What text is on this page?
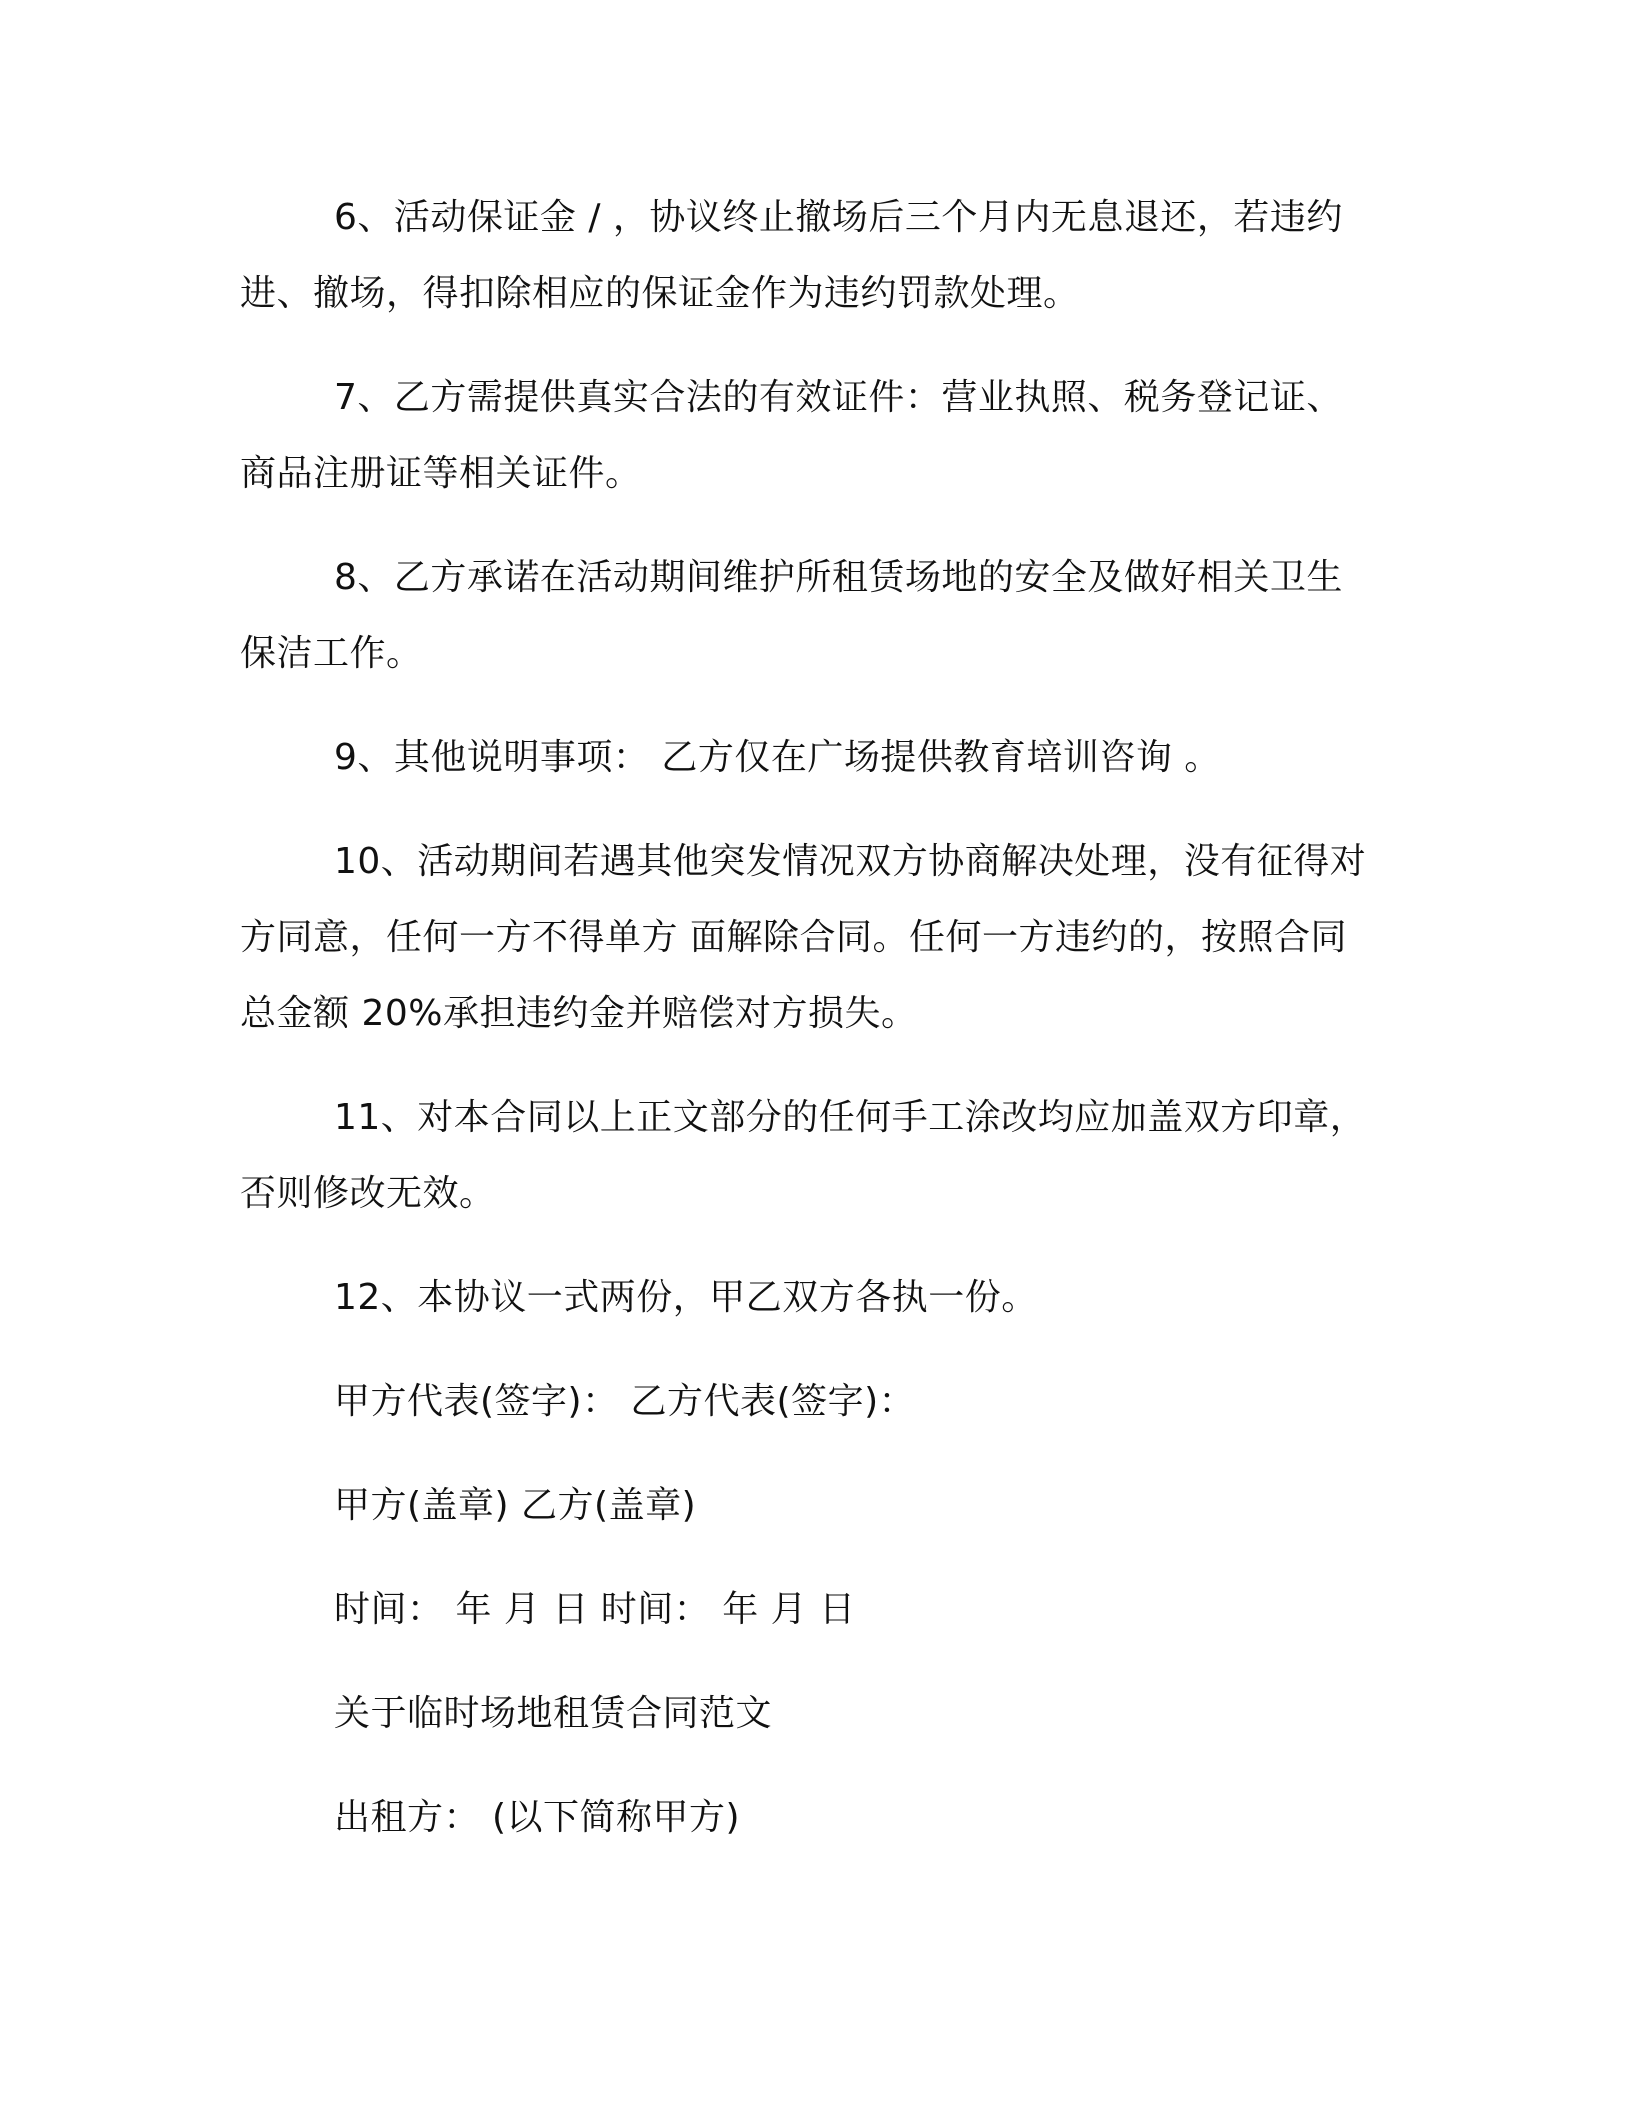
6、活动保证金 / ，协议终止撤场后三个月内无息退还，若违约
进、撤场，得扣除相应的保证金作为违约罚款处理。
7、乙方需提供真实合法的有效证件：营业执照、税务登记证、
商品注册证等相关证件。
8、乙方承诺在活动期间维护所租赁场地的安全及做好相关卫生
保洁工作。
9、其他说明事项： 乙方仅在广场提供教育培训咨询 。
10、活动期间若遇其他突发情况双方协商解决处理，没有征得对
方同意，任何一方不得单方 面解除合同。任何一方违约的，按照合同
总金额 20%承担违约金并赔偿对方损失。
11、对本合同以上正文部分的任何手工涂改均应加盖双方印章，
否则修改无效。
12、本协议一式两份，甲乙双方各执一份。
甲方代表(签字)： 乙方代表(签字)：
甲方(盖章) 乙方(盖章)
时间： 年 月 日 时间： 年 月 日
关于临时场地租赁合同范文
出租方： (以下简称甲方)
